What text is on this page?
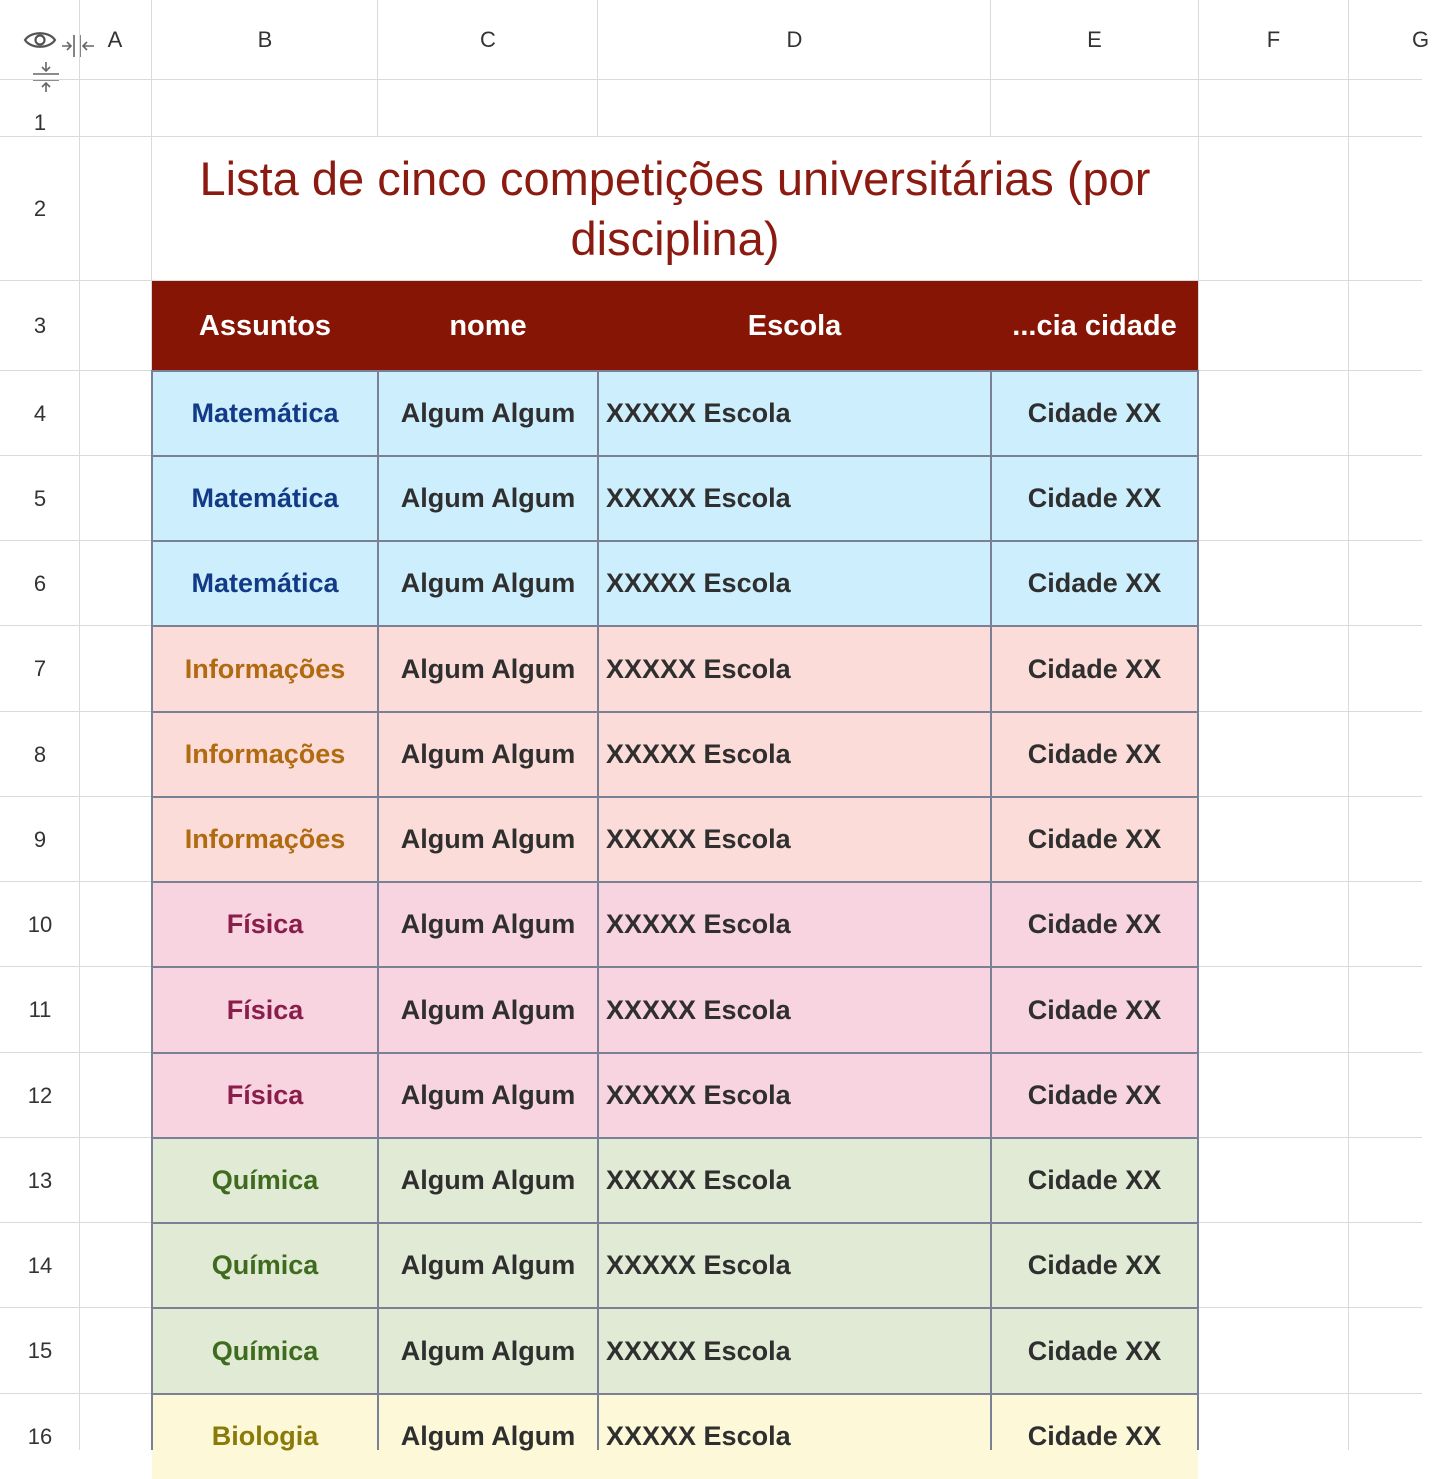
A	B	C	D	E	F	G
1
2
3
4
5
6
7
8
9
10
11
12
13
14
15
16
Lista de cinco competições universitárias (por disciplina)
Assuntos	nome	Escola	...cia cidade
Matemática	Algum Algum	XXXXX Escola	Cidade XX
Matemática	Algum Algum	XXXXX Escola	Cidade XX
Matemática	Algum Algum	XXXXX Escola	Cidade XX
Informações	Algum Algum	XXXXX Escola	Cidade XX
Informações	Algum Algum	XXXXX Escola	Cidade XX
Informações	Algum Algum	XXXXX Escola	Cidade XX
Física	Algum Algum	XXXXX Escola	Cidade XX
Física	Algum Algum	XXXXX Escola	Cidade XX
Física	Algum Algum	XXXXX Escola	Cidade XX
Química	Algum Algum	XXXXX Escola	Cidade XX
Química	Algum Algum	XXXXX Escola	Cidade XX
Química	Algum Algum	XXXXX Escola	Cidade XX
Biologia	Algum Algum	XXXXX Escola	Cidade XX
